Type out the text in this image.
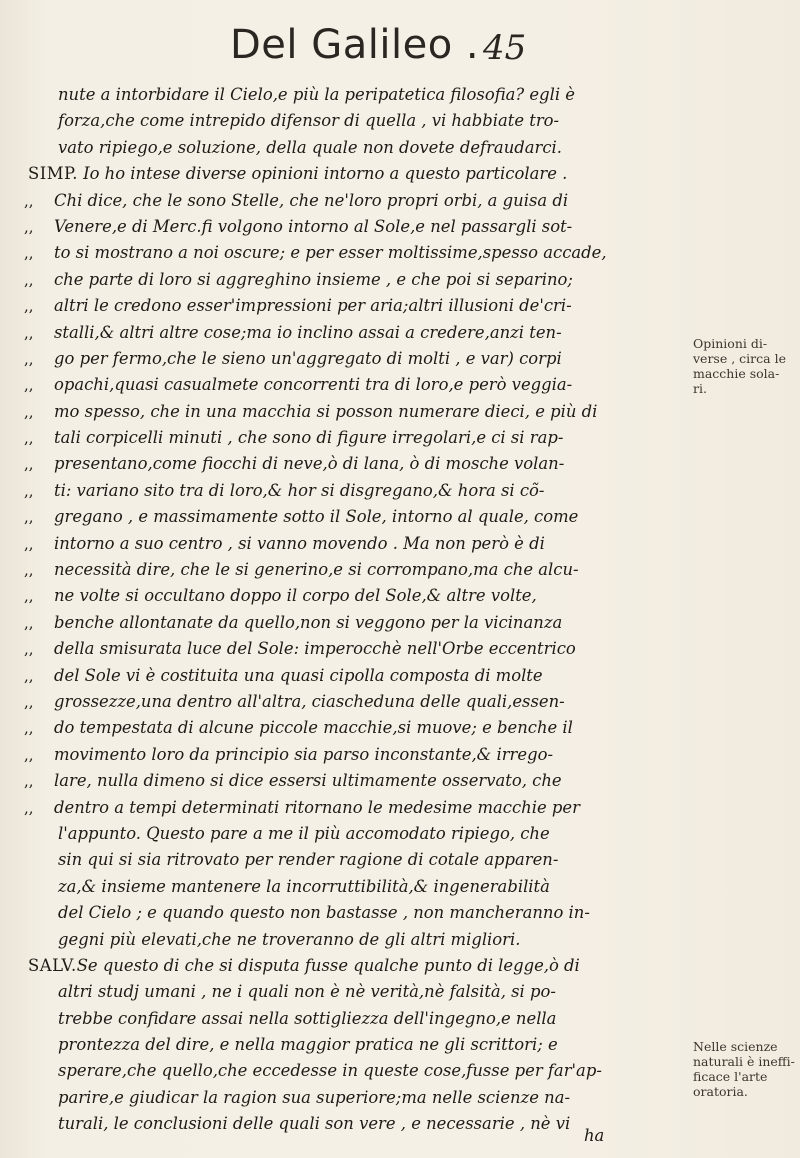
Del Galileo . 45
nute a intorbidare il Cielo,e più la peripatetica filosofia? egli è
forza,che come intrepido difensor di quella , vi habbiate tro-
vato ripiego,e soluzione, della quale non dovete defraudarci.
SIMP. Io ho intese diverse opinioni intorno a questo particolare .
,, Chi dice, che le sono Stelle, che ne'loro propri orbi, a guisa di
,, Venere,e di Merc.fi volgono intorno al Sole,e nel passargli sot-
,, to si mostrano a noi oscure; e per esser moltissime,spesso accade,
,, che parte di loro si aggreghino insieme , e che poi si separino;
,, altri le credono esser'impressioni per aria;altri illusioni de'cri-
,, stalli,& altri altre cose;ma io inclino assai a credere,anzi ten-
,, go per fermo,che le sieno un'aggregato di molti , e var) corpi
,, opachi,quasi casualmete concorrenti tra di loro,e però veggia-
,, mo spesso, che in una macchia si posson numerare dieci, e più di
,, tali corpicelli minuti , che sono di figure irregolari,e ci si rap-
,, presentano,come fiocchi di neve,ò di lana, ò di mosche volan-
,, ti: variano sito tra di loro,& hor si disgregano,& hora si cõ-
,, gregano , e massimamente sotto il Sole, intorno al quale, come
,, intorno a suo centro , si vanno movendo . Ma non però è di
,, necessità dire, che le si generino,e si corrompano,ma che alcu-
,, ne volte si occultano doppo il corpo del Sole,& altre volte,
,, benche allontanate da quello,non si veggono per la vicinanza
,, della smisurata luce del Sole: imperocchè nell'Orbe eccentrico
,, del Sole vi è costituita una quasi cipolla composta di molte
,, grossezze,una dentro all'altra, ciascheduna delle quali,essen-
,, do tempestata di alcune piccole macchie,si muove; e benche il
,, movimento loro da principio sia parso inconstante,& irrego-
,, lare, nulla dimeno si dice essersi ultimamente osservato, che
,, dentro a tempi determinati ritornano le medesime macchie per
l'appunto. Questo pare a me il più accomodato ripiego, che
sin qui si sia ritrovato per render ragione di cotale apparen-
za,& insieme mantenere la incorruttibilità,& ingenerabilità
del Cielo ; e quando questo non bastasse , non mancheranno in-
gegni più elevati,che ne troveranno de gli altri migliori.
SALV.Se questo di che si disputa fusse qualche punto di legge,ò di
altri studj umani , ne i quali non è nè verità,nè falsità, si po-
trebbe confidare assai nella sottigliezza dell'ingegno,e nella
prontezza del dire, e nella maggior pratica ne gli scrittori; e
sperare,che quello,che eccedesse in queste cose,fusse per far'ap-
parire,e giudicar la ragion sua superiore;ma nelle scienze na-
turali, le conclusioni delle quali son vere , e necessarie , nè vi
Opinioni di-
verse , circa le
macchie sola-
ri.
Nelle scienze
naturali è ineffi-
ficace l'arte
oratoria.
ha
